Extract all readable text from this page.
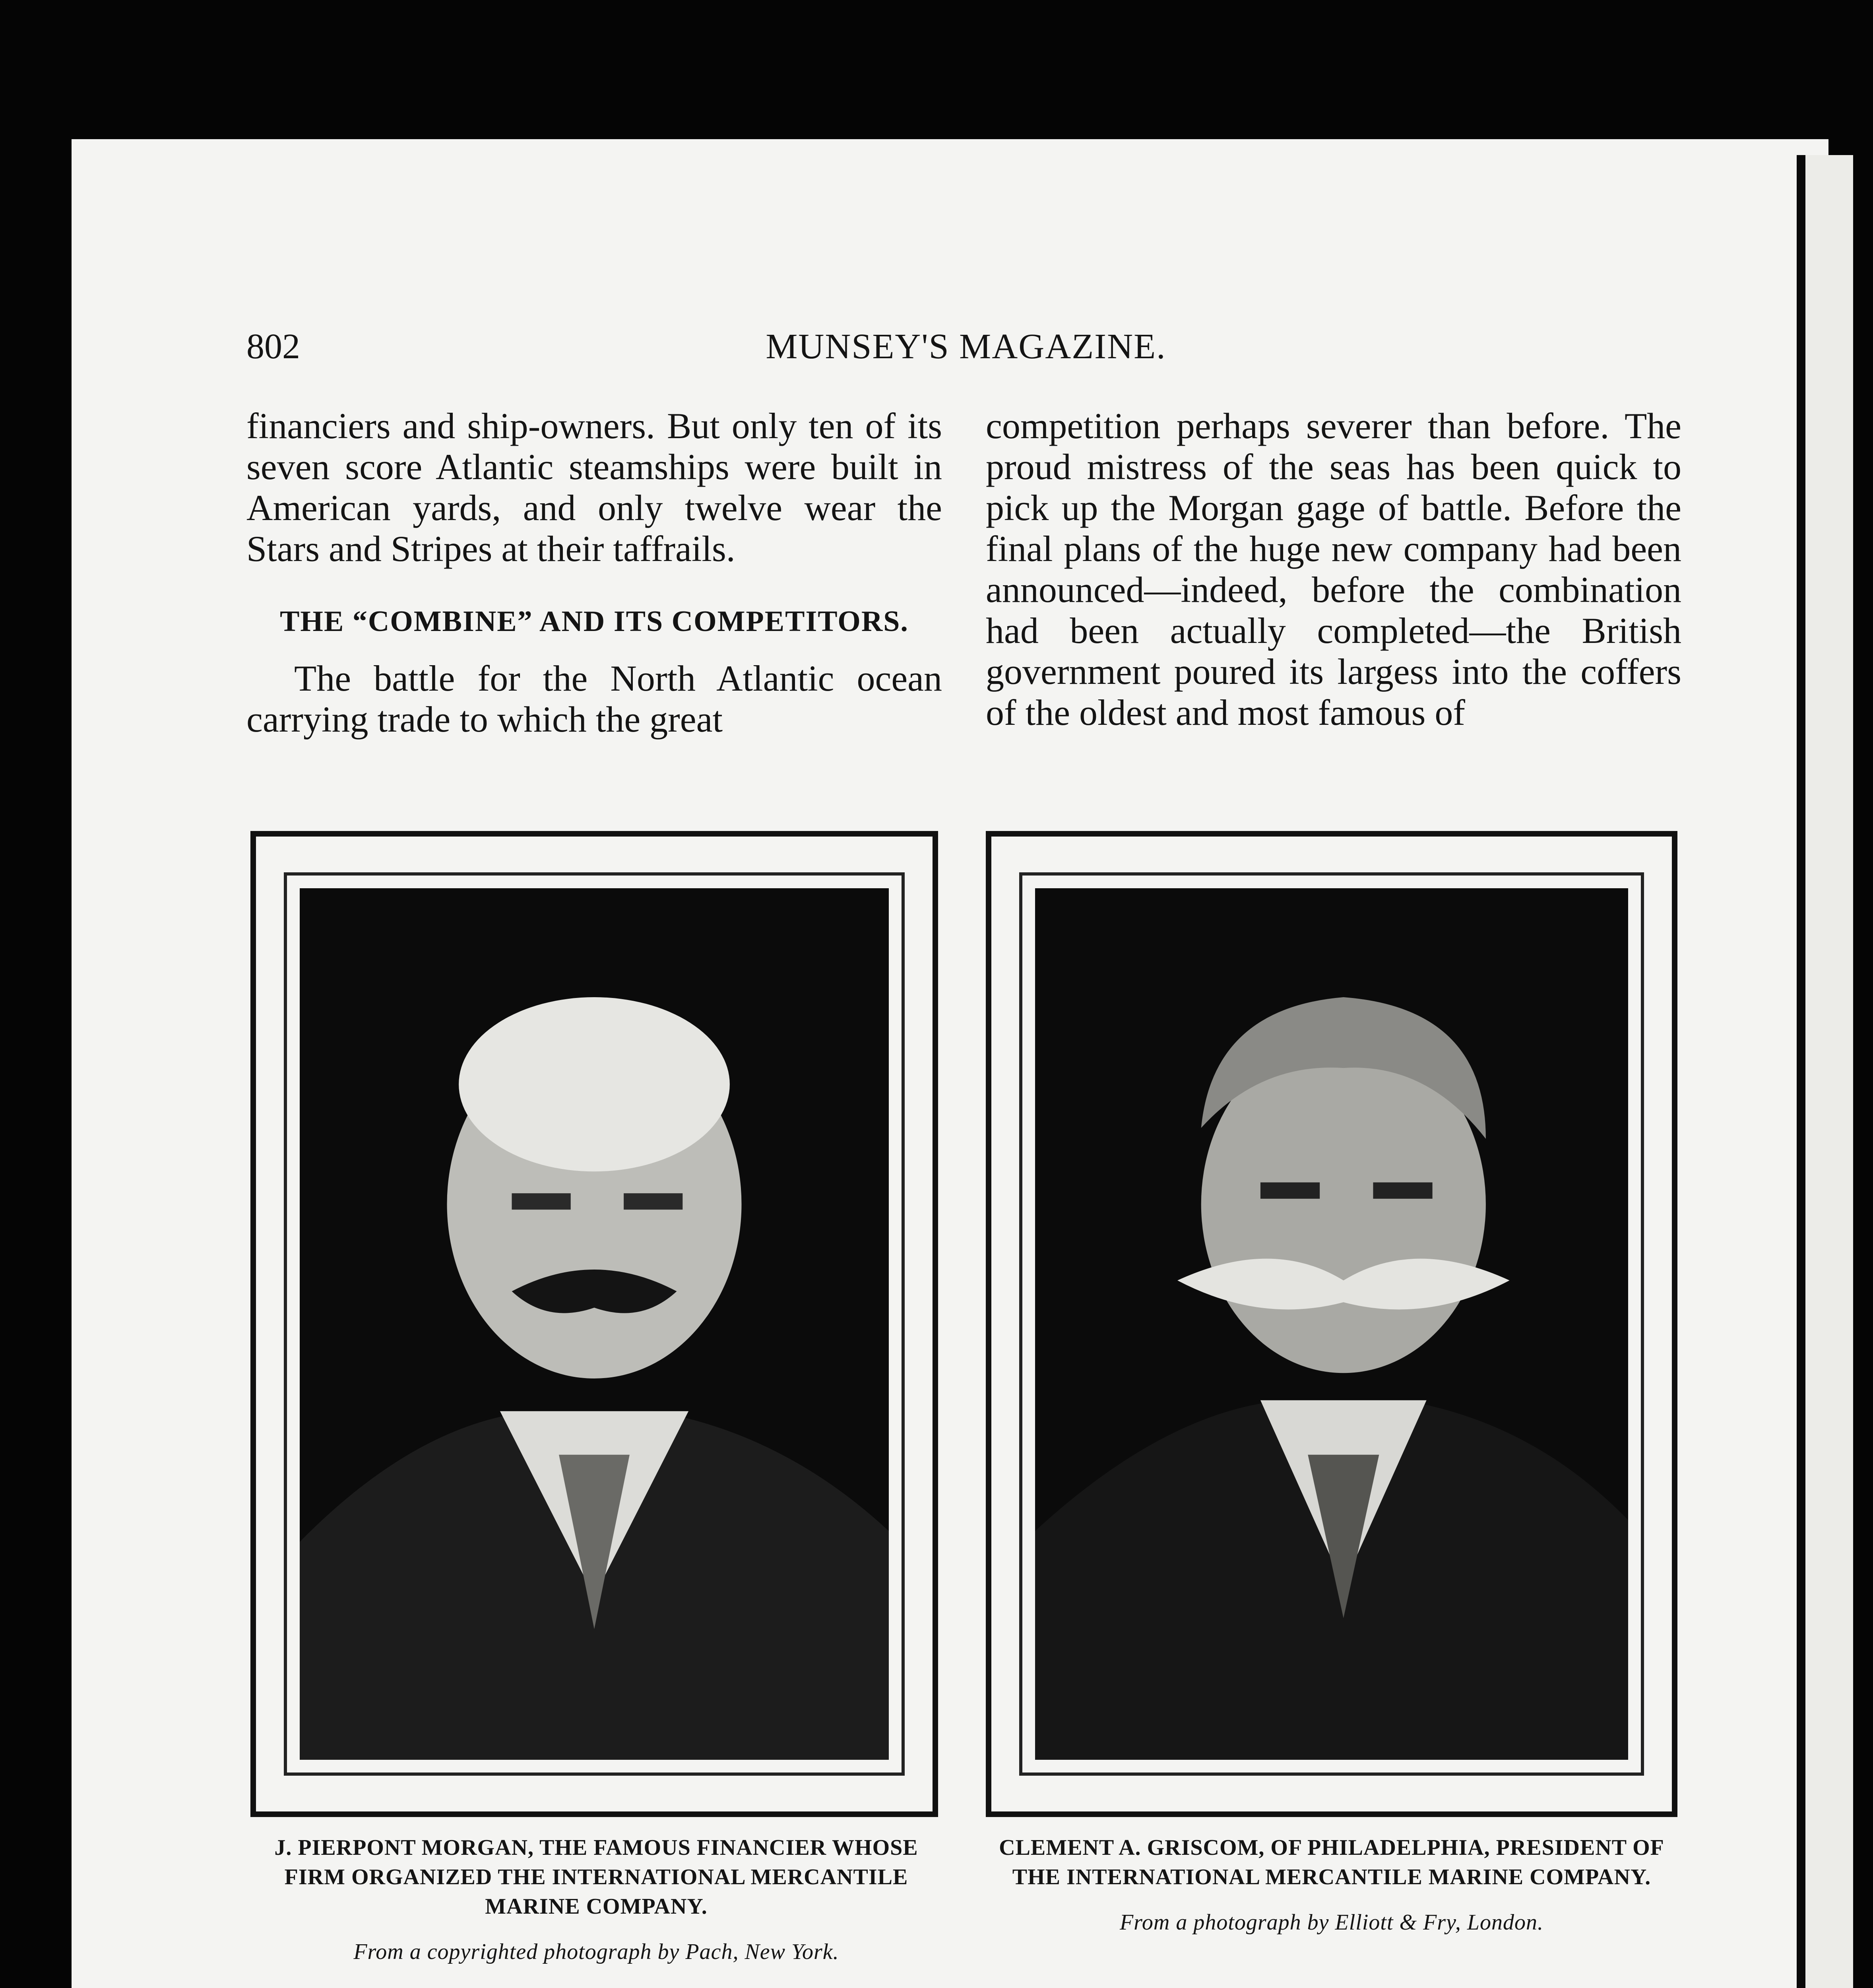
802	MUNSEY'S MAGAZINE.

financiers and ship-owners. But only ten of its seven score Atlantic steamships were built in American yards, and only twelve wear the Stars and Stripes at their taffrails.

THE “COMBINE” AND ITS COMPETITORS.

The battle for the North Atlantic ocean carrying trade to which the great

competition perhaps severer than before. The proud mistress of the seas has been quick to pick up the Morgan gage of battle. Before the final plans of the huge new company had been announced—indeed, before the combination had been actually completed—the British government poured its largess into the coffers of the oldest and most famous of

J. PIERPONT MORGAN, THE FAMOUS FINANCIER WHOSE FIRM ORGANIZED THE INTERNATIONAL MERCANTILE MARINE COMPANY.
From a copyrighted photograph by Pach, New York.
CLEMENT A. GRISCOM, OF PHILADELPHIA, PRESIDENT OF THE INTERNATIONAL MERCANTILE MARINE COMPANY.
From a photograph by Elliott & Fry, London.
